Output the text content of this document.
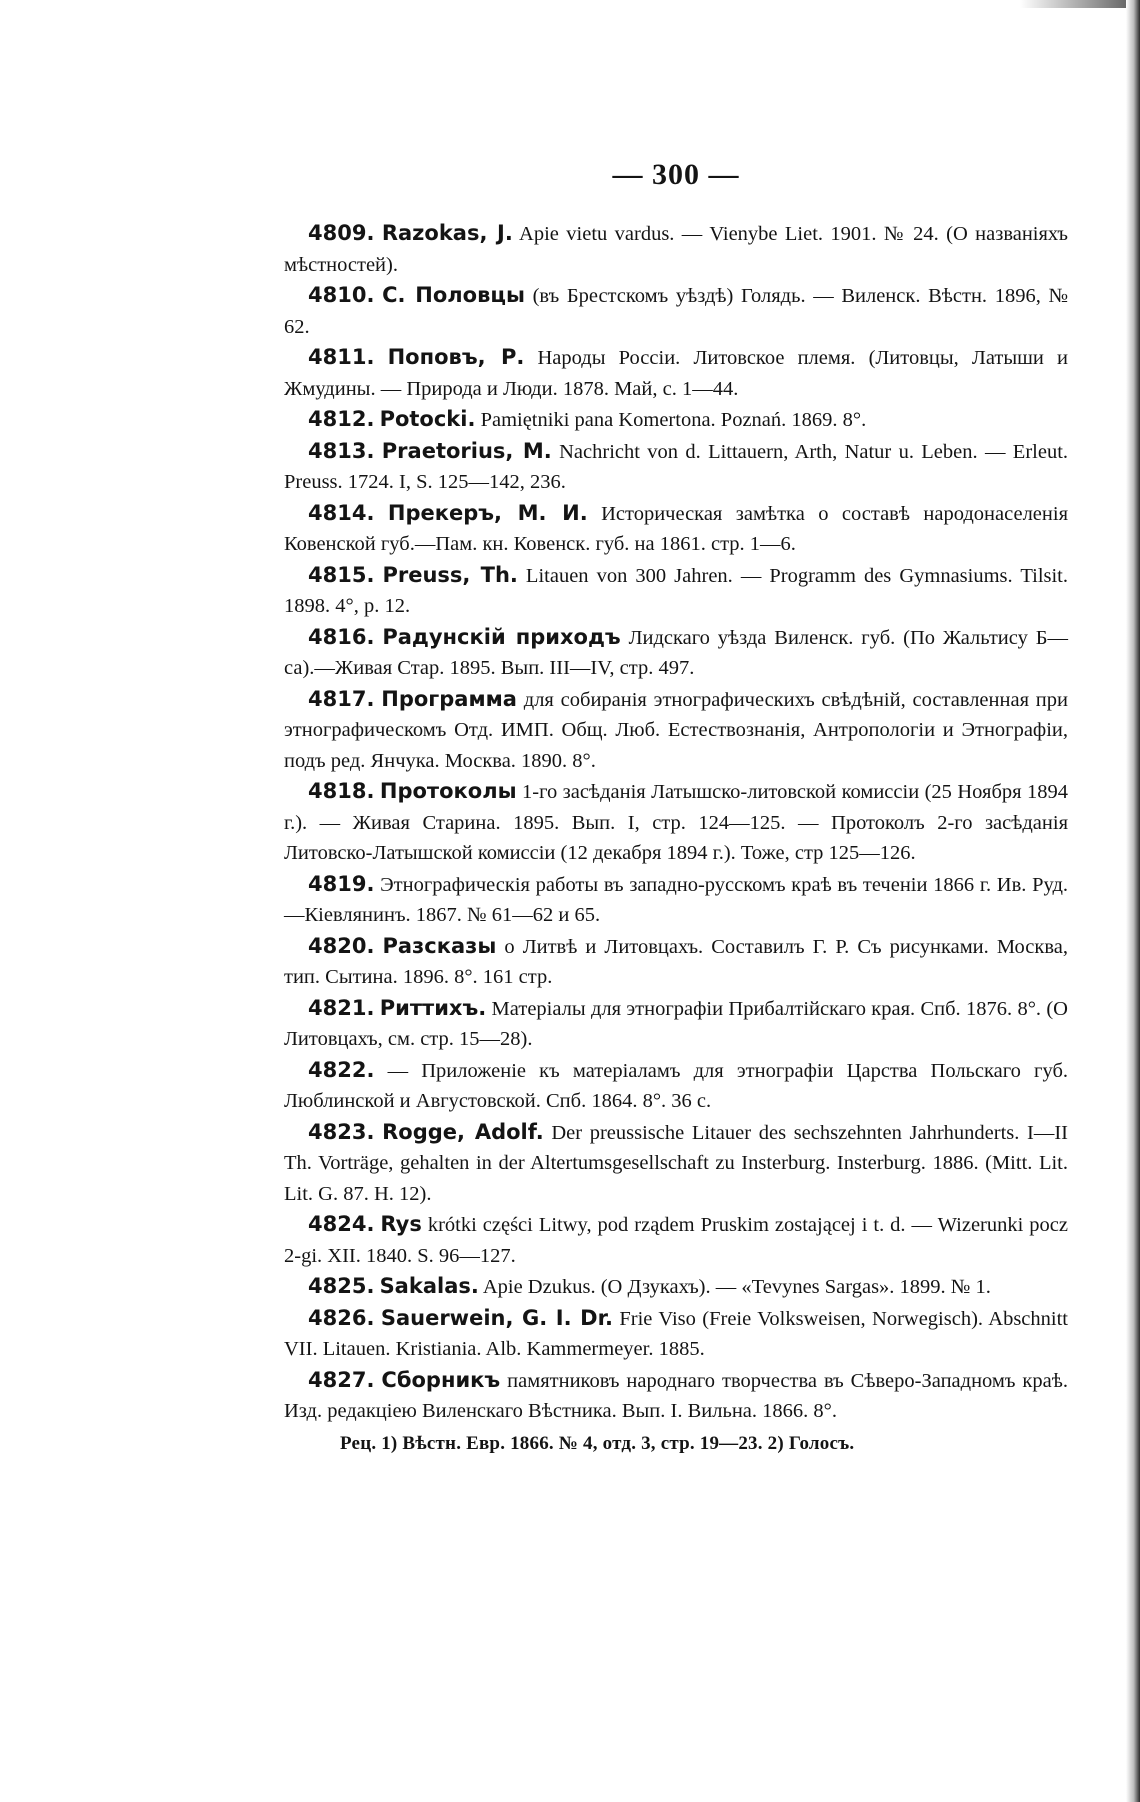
— 300 —

4809. Razokas, J. Apie vietu vardus. — Vienybe Liet. 1901. № 24. (О названіяхъ мѣстностей).

4810. С. Половцы (въ Брестскомъ уѣздѣ) Голядь. — Виленск. Вѣстн. 1896, № 62.

4811. Поповъ, Р. Народы Россіи. Литовское племя. (Литовцы, Латыши и Жмудины. — Природа и Люди. 1878. Май, с. 1—44.

4812. Potocki. Pamiętniki pana Komertona. Poznań. 1869. 8°.

4813. Praetorius, M. Nachricht von d. Littauern, Arth, Natur u. Leben. — Erleut. Preuss. 1724. I, S. 125—142, 236.

4814. Прекеръ, М. И. Историческая замѣтка о составѣ народонаселенія Ковенской губ.—Пам. кн. Ковенск. губ. на 1861. стр. 1—6.

4815. Preuss, Th. Litauen von 300 Jahren. — Programm des Gymnasiums. Tilsit. 1898. 4°, p. 12.

4816. Радунскій приходъ Лидскаго уѣзда Виленск. губ. (По Жальтису Б—са).—Живая Стар. 1895. Вып. III—IV, стр. 497.

4817. Программа для собиранія этнографическихъ свѣдѣній, составленная при этнографическомъ Отд. ИМП. Общ. Люб. Естествознанія, Антропологіи и Этнографіи, подъ ред. Янчука. Москва. 1890. 8°.

4818. Протоколы 1-го засѣданія Латышско-литовской комиссіи (25 Ноября 1894 г.). — Живая Старина. 1895. Вып. I, стр. 124—125. — Протоколъ 2-го засѣданія Литовско-Латышской комиссіи (12 декабря 1894 г.). Тоже, стр 125—126.

4819. Этнографическія работы въ западно-русскомъ краѣ въ теченіи 1866 г. Ив. Руд.—Кіевлянинъ. 1867. № 61—62 и 65.

4820. Разсказы о Литвѣ и Литовцахъ. Составилъ Г. Р. Съ рисунками. Москва, тип. Сытина. 1896. 8°. 161 стр.

4821. Риттихъ. Матеріалы для этнографіи Прибалтійскаго края. Спб. 1876. 8°. (О Литовцахъ, см. стр. 15—28).

4822. — Приложеніе къ матеріаламъ для этнографіи Царства Польскаго губ. Люблинской и Августовской. Спб. 1864. 8°. 36 с.

4823. Rogge, Adolf. Der preussische Litauer des sechszehnten Jahrhunderts. I—II Th. Vorträge, gehalten in der Altertumsgesellschaft zu Insterburg. Insterburg. 1886. (Mitt. Lit. Lit. G. 87. H. 12).

4824. Rys krótki części Litwy, pod rządem Pruskim zostającej i t. d. — Wizerunki pocz 2-gi. XII. 1840. S. 96—127.

4825. Sakalas. Apie Dzukus. (О Дзукахъ). — «Tevynes Sargas». 1899. № 1.

4826. Sauerwein, G. I. Dr. Frie Viso (Freie Volksweisen, Norwegisch). Abschnitt VII. Litauen. Kristiania. Alb. Kammermeyer. 1885.

4827. Сборникъ памятниковъ народнаго творчества въ Сѣверо-Западномъ краѣ. Изд. редакціею Виленскаго Вѣстника. Вып. I. Вильна. 1866. 8°.

Рец. 1) Вѣстн. Евр. 1866. № 4, отд. 3, стр. 19—23. 2) Голосъ.
